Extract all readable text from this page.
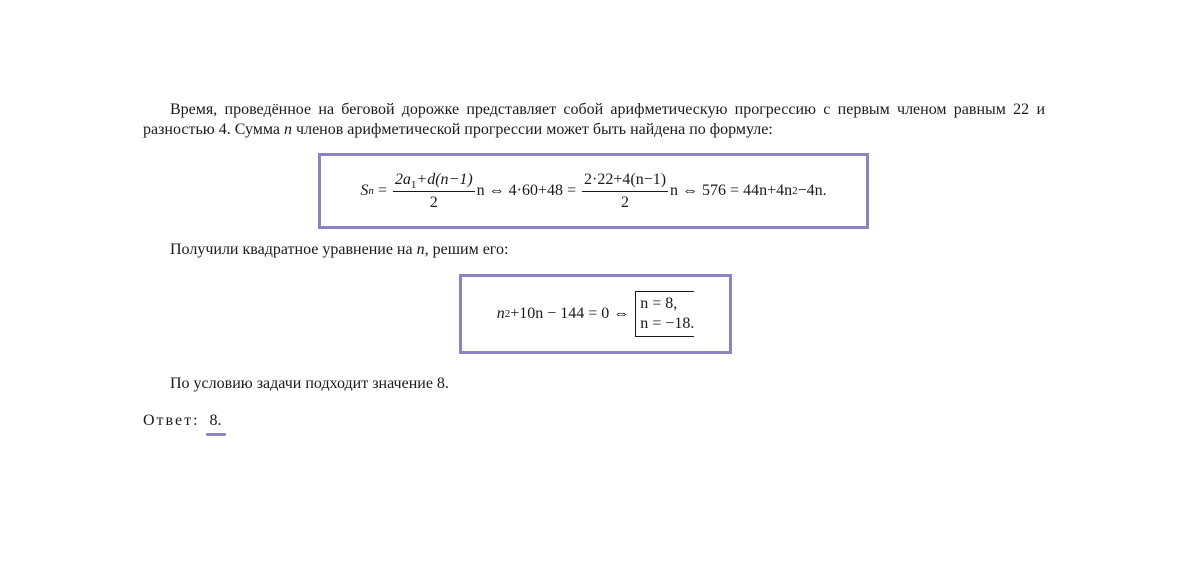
Время, проведённое на беговой дорожке представляет собой арифметическую прогрессию с первым членом равным 22 и разностью 4. Сумма n членов арифметической прогрессии может быть найдена по формуле:

S $n = \frac{2a_1+d(n-1)}{2}$ n ⇔ $4\cdot 60+48 = \frac{2\cdot 22+4(n-1)}{2}$ n ⇔ 576 = 44n+4n 2 −4n.

Получили квадратное уравнение на n, решим его:

n 2 +10n − 144 = 0 ⇔
n = 8,
n = −18.

По условию задачи подходит значение 8.

Ответ: 8.
